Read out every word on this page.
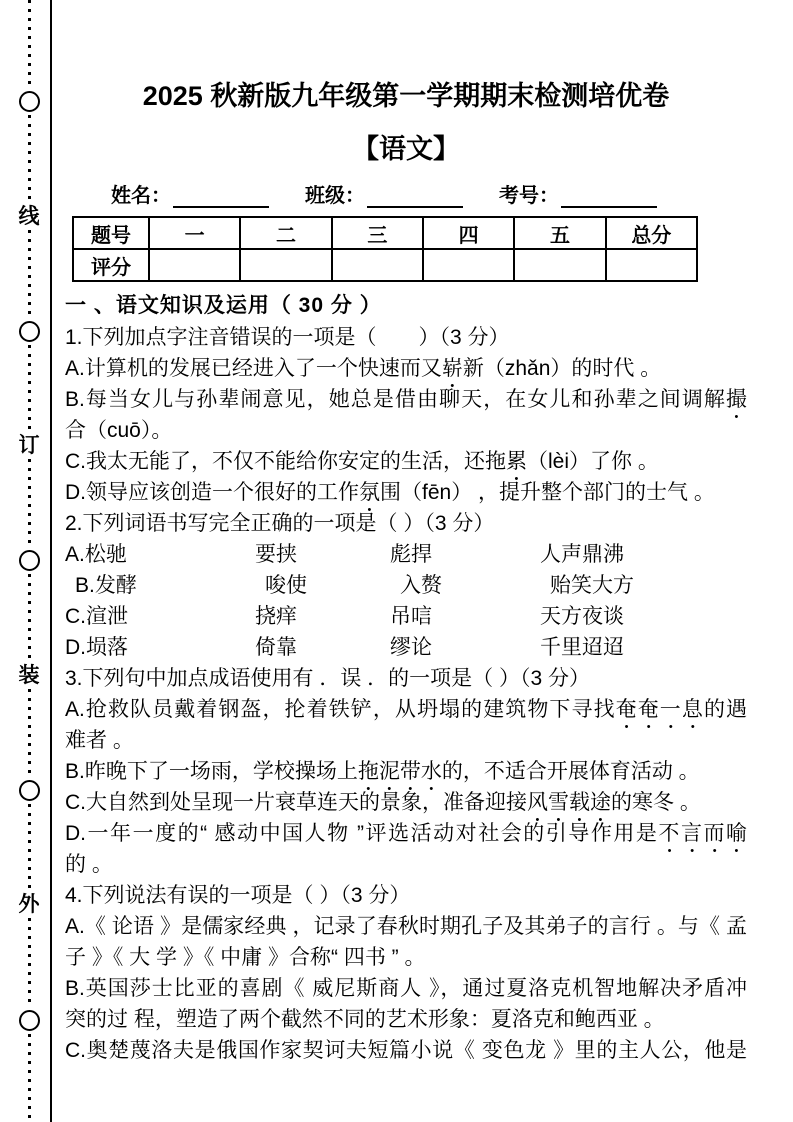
线
订
装
外
2025 秋新版九年级第一学期期末检测培优卷
【语文】
姓名：	班级：	考号：
题号	一	二	三	四	五	总分
评分						
一 、语文知识及运用（ 30 分 ）
1.下列加点字注音错误的一项是（　　）（3 分）
A.计算机的发展已经进入了一个快速而又崭新（zhǎn）的时代 。
B.每当女儿与孙辈闹意见，她总是借由聊天，在女儿和孙辈之间调解撮
合（cuō）。
C.我太无能了，不仅不能给你安定的生活，还拖累（lèi）了你 。
D.领导应该创造一个很好的工作氛围（fēn） ，提升整个部门的士气 。
2.下列词语书写完全正确的一项是（ ）（3 分）
A.松驰	要挟	彪捍	人声鼎沸
B.发酵	唆使	入赘	贻笑大方
C.渲泄	挠痒	吊唁	天方夜谈
D.埙落	倚靠	缪论	千里迢迢
3.下列句中加点成语使用有 ．误 ．的一项是（ ）（3 分）
A.抢救队员戴着钢盔，抡着铁铲，从坍塌的建筑物下寻找奄奄一息的遇
难者 。
B.昨晚下了一场雨，学校操场上拖泥带水的，不适合开展体育活动 。
C.大自然到处呈现一片衰草连天的景象，准备迎接风雪载途的寒冬 。
D.一年一度的“ 感动中国人物 ”评选活动对社会的引导作用是不言而喻
的 。
4.下列说法有误的一项是（ ）（3 分）
A.《 论语 》是儒家经典 ，记录了春秋时期孔子及其弟子的言行 。与《 孟
子 》《 大 学 》《 中庸 》合称“ 四书 ” 。
B.英国莎士比亚的喜剧《 威尼斯商人 》，通过夏洛克机智地解决矛盾冲
突的过 程，塑造了两个截然不同的艺术形象：夏洛克和鲍西亚 。
C.奥楚蔑洛夫是俄国作家契诃夫短篇小说《 变色龙 》里的主人公，他是
